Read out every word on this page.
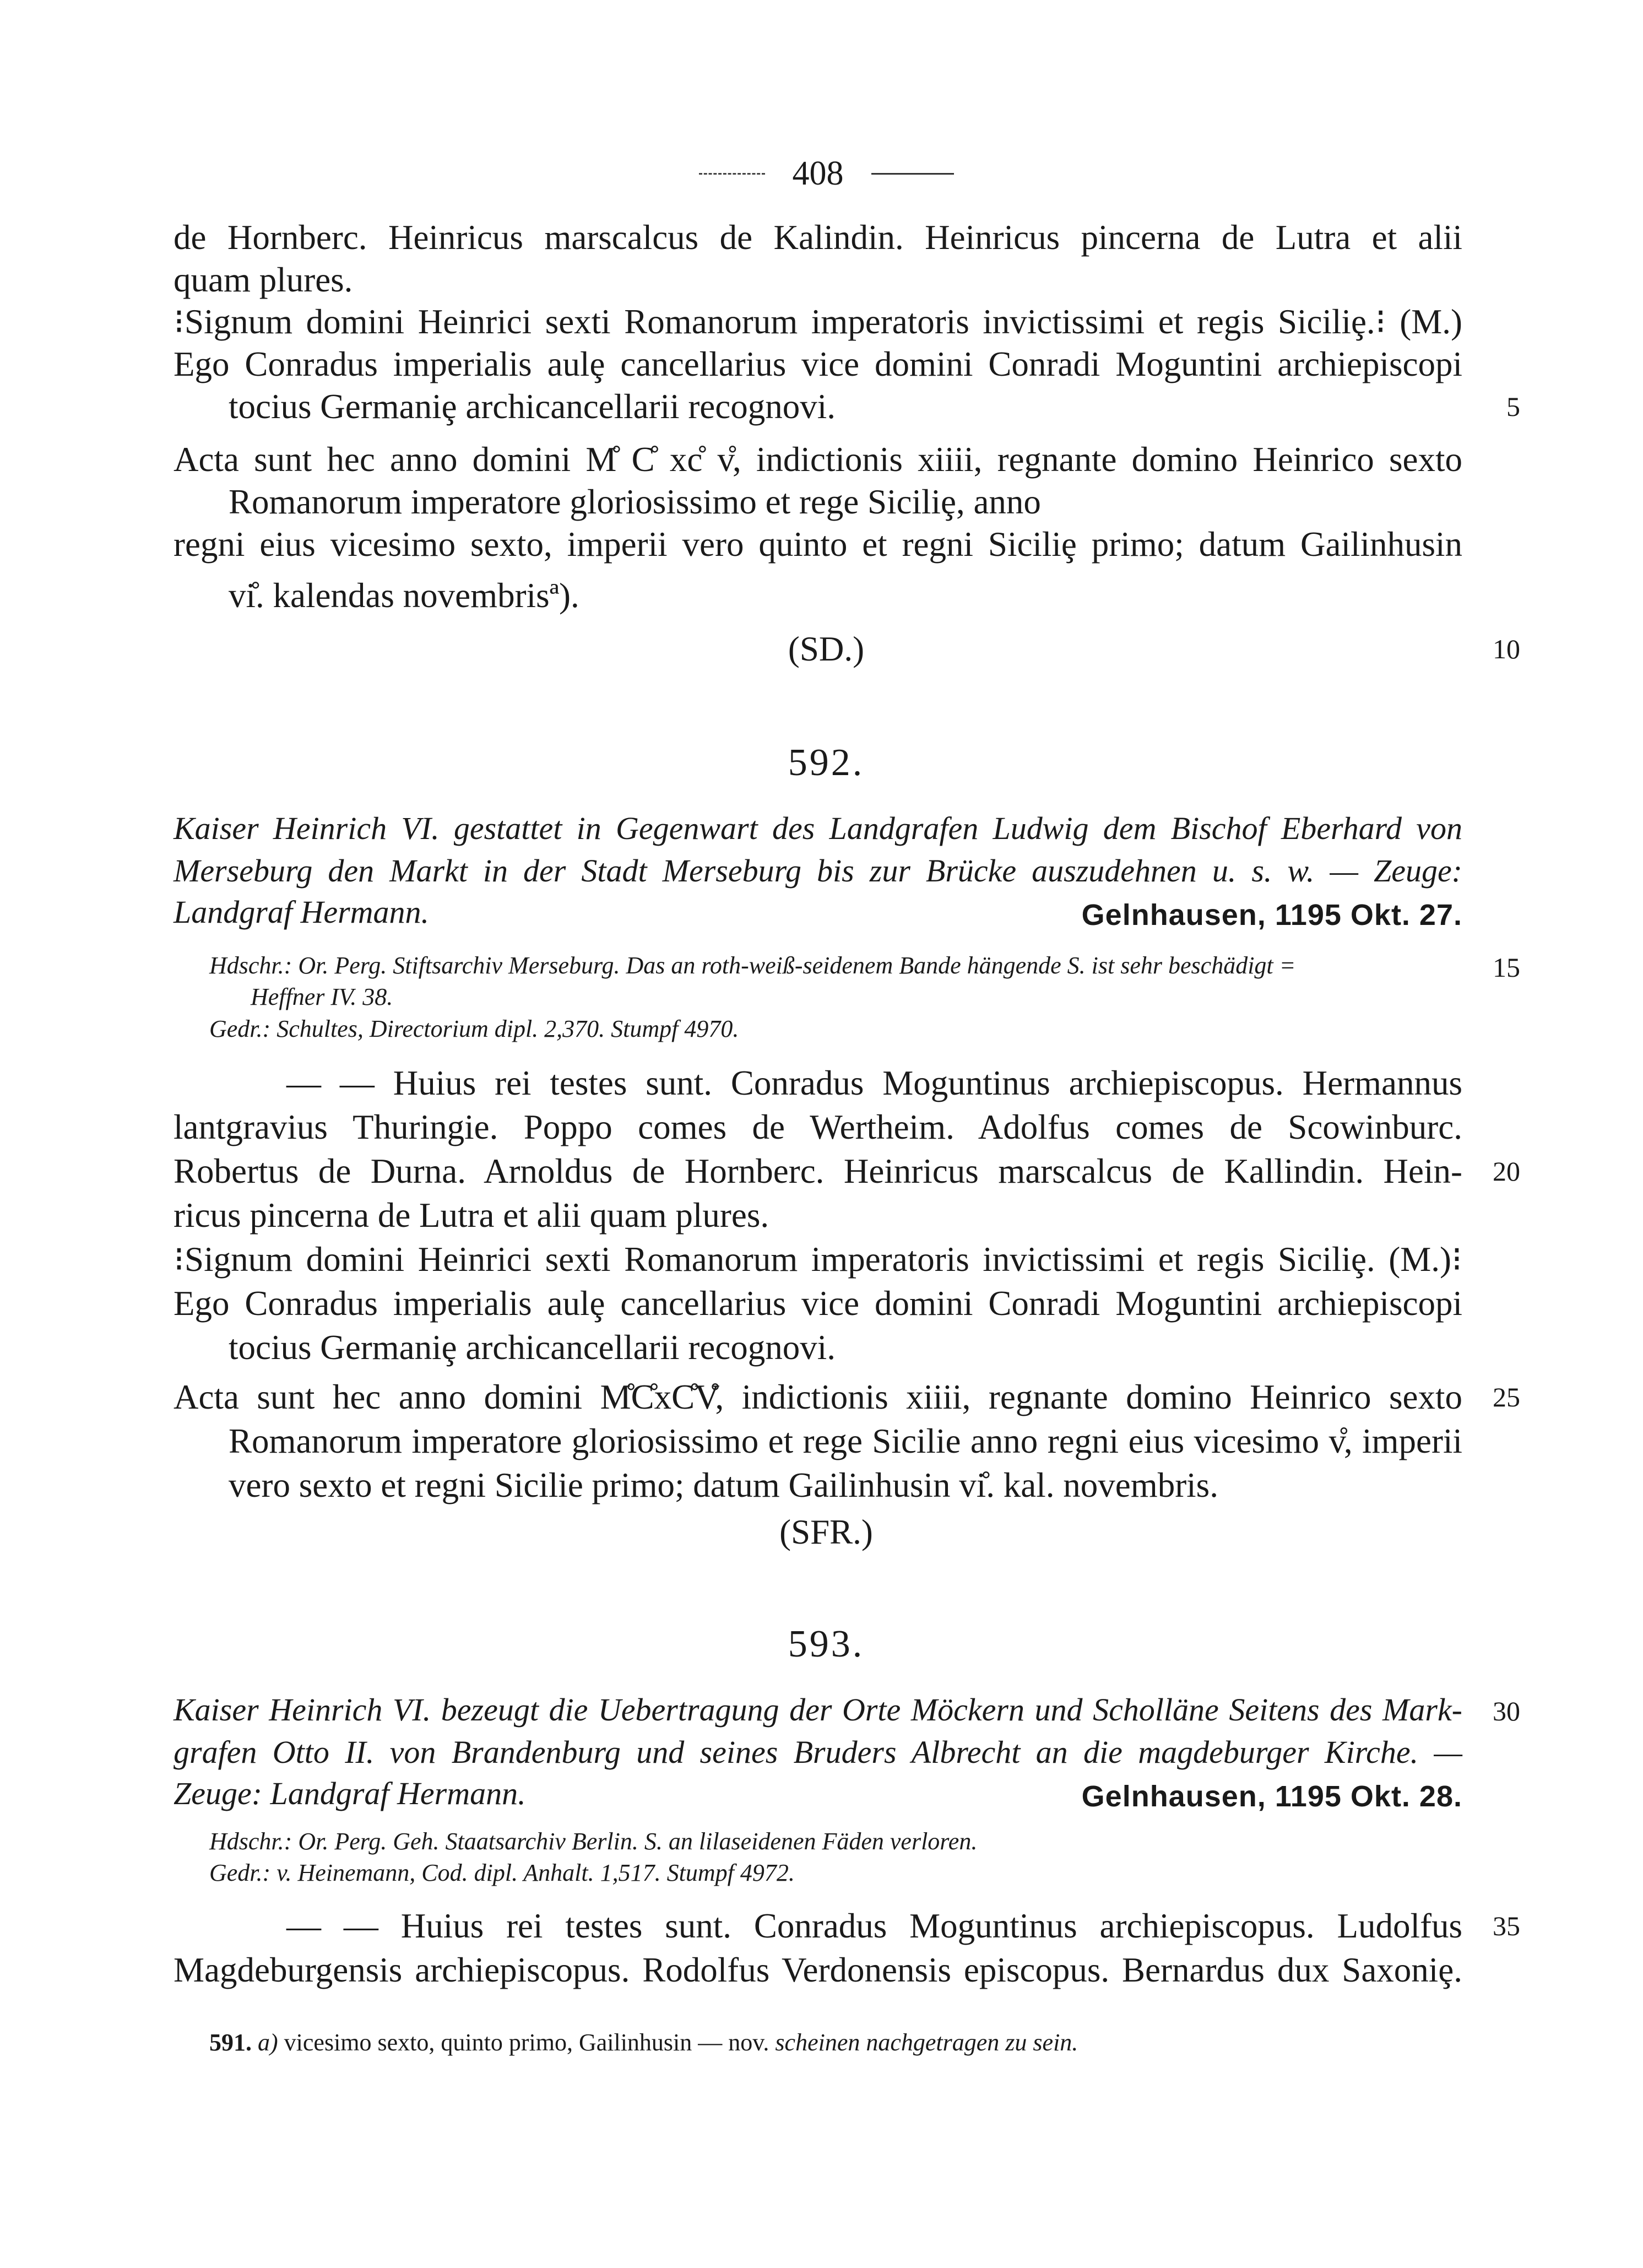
408
de Hornberc. Heinricus marscalcus de Kalindin. Heinricus pincerna de Lutra et alii
quam plures.
⁝Signum domini Heinrici sexti Romanorum imperatoris invictissimi et regis Siciliȩ.⁝ (M.)
Ego Conradus imperialis aulȩ cancellarius vice domini Conradi Moguntini archiepiscopi
tocius Germaniȩ archicancellarii recognovi.
Acta sunt hec anno domini M̊ C̊ xc̊ v̊, indictionis xiiii, regnante domino Heinrico sexto
Romanorum imperatore gloriosissimo et rege Siciliȩ, anno
regni eius vicesimo sexto, imperii vero quinto et regni Siciliȩ primo; datum Gailinhusin
vi̊. kalendas novembrisª).
(SD.)
592.
Kaiser Heinrich VI. gestattet in Gegenwart des Landgrafen Ludwig dem Bischof Eberhard von
Merseburg den Markt in der Stadt Merseburg bis zur Brücke auszudehnen u. s. w. — Zeuge:
Landgraf Hermann.	Gelnhausen, 1195 Okt. 27.
Hdschr.: Or. Perg. Stiftsarchiv Merseburg. Das an roth-weiß-seidenem Bande hängende S. ist sehr beschädigt =
Heffner IV. 38.
Gedr.: Schultes, Directorium dipl. 2,370. Stumpf 4970.
— — Huius rei testes sunt. Conradus Moguntinus archiepiscopus. Hermannus
lantgravius Thuringie. Poppo comes de Wertheim. Adolfus comes de Scowinburc.
Robertus de Durna. Arnoldus de Hornberc. Heinricus marscalcus de Kallindin. Hein-
ricus pincerna de Lutra et alii quam plures.
⁝Signum domini Heinrici sexti Romanorum imperatoris invictissimi et regis Siciliȩ. (M.)⁝
Ego Conradus imperialis aulȩ cancellarius vice domini Conradi Moguntini archiepiscopi
tocius Germaniȩ archicancellarii recognovi.
Acta sunt hec anno domini M̊C̊xC̊V̊, indictionis xiiii, regnante domino Heinrico sexto
Romanorum imperatore gloriosissimo et rege Sicilie anno regni eius vicesimo v̊, imperii
vero sexto et regni Sicilie primo; datum Gailinhusin vi̊. kal. novembris.
(SFR.)
593.
Kaiser Heinrich VI. bezeugt die Uebertragung der Orte Möckern und Scholläne Seitens des Mark-
grafen Otto II. von Brandenburg und seines Bruders Albrecht an die magdeburger Kirche. —
Zeuge: Landgraf Hermann.	Gelnhausen, 1195 Okt. 28.
Hdschr.: Or. Perg. Geh. Staatsarchiv Berlin. S. an lilaseidenen Fäden verloren.
Gedr.: v. Heinemann, Cod. dipl. Anhalt. 1,517. Stumpf 4972.
— — Huius rei testes sunt. Conradus Moguntinus archiepiscopus. Ludolfus
Magdeburgensis archiepiscopus. Rodolfus Verdonensis episcopus. Bernardus dux Saxoniȩ.
5
10
15
20
25
30
35
591. a) vicesimo sexto, quinto primo, Gailinhusin — nov. scheinen nachgetragen zu sein.
